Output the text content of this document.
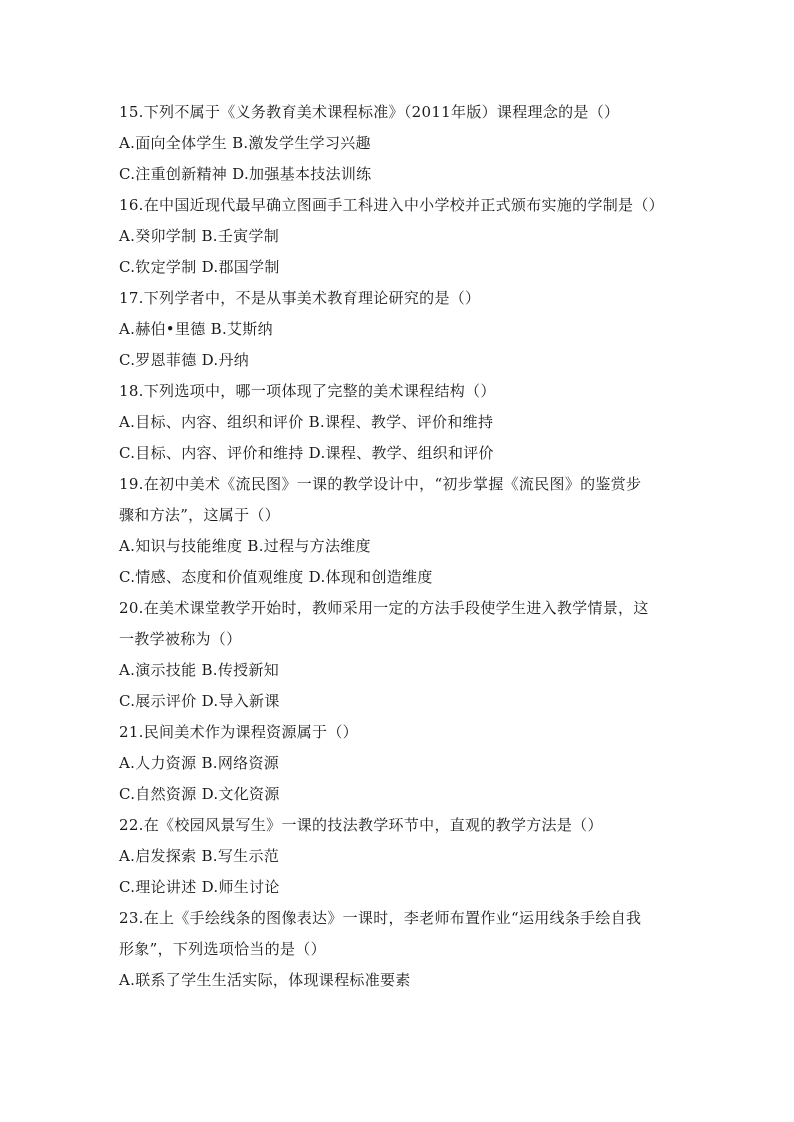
15.下列不属于《义务教育美术课程标准》（2011年版）课程理念的是（）
A.面向全体学生 B.激发学生学习兴趣
C.注重创新精神 D.加强基本技法训练
16.在中国近现代最早确立图画手工科进入中小学校并正式颁布实施的学制是（）
A.癸卯学制 B.壬寅学制
C.钦定学制 D.郡国学制
17.下列学者中，不是从事美术教育理论研究的是（）
A.赫伯•里德 B.艾斯纳
C.罗恩菲德 D.丹纳
18.下列选项中，哪一项体现了完整的美术课程结构（）
A.目标、内容、组织和评价 B.课程、教学、评价和维持
C.目标、内容、评价和维持 D.课程、教学、组织和评价
19.在初中美术《流民图》一课的教学设计中，“初步掌握《流民图》的鉴赏步
骤和方法”，这属于（）
A.知识与技能维度 B.过程与方法维度
C.情感、态度和价值观维度 D.体现和创造维度
20.在美术课堂教学开始时，教师采用一定的方法手段使学生进入教学情景，这
一教学被称为（）
A.演示技能 B.传授新知
C.展示评价 D.导入新课
21.民间美术作为课程资源属于（）
A.人力资源 B.网络资源
C.自然资源 D.文化资源
22.在《校园风景写生》一课的技法教学环节中，直观的教学方法是（）
A.启发探索 B.写生示范
C.理论讲述 D.师生讨论
23.在上《手绘线条的图像表达》一课时，李老师布置作业“运用线条手绘自我
形象”，下列选项恰当的是（）
A.联系了学生生活实际，体现课程标准要素
